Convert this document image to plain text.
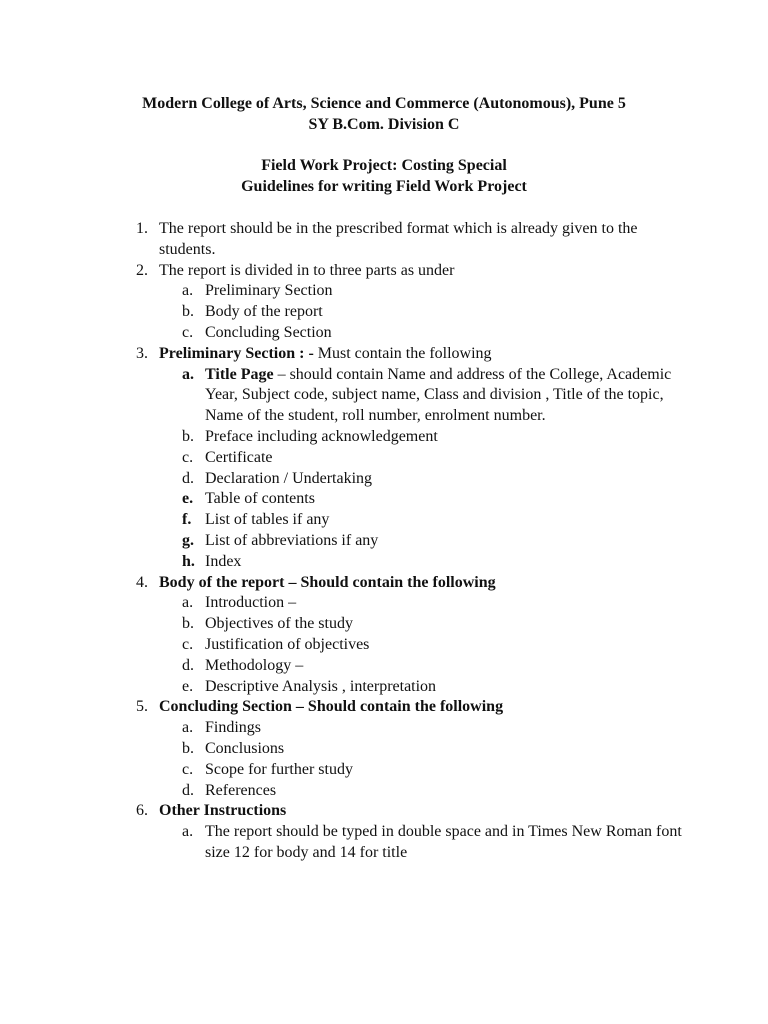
Modern College of Arts, Science and Commerce (Autonomous), Pune 5
SY B.Com. Division C
Field Work Project: Costing Special
Guidelines for writing Field Work Project
1. The report should be in the prescribed format which is already given to the students.
2. The report is divided in to three parts as under
a. Preliminary Section
b. Body of the report
c. Concluding Section
3. Preliminary Section : - Must contain the following
a. Title Page – should contain Name and address of the College, Academic Year, Subject code, subject name, Class and division , Title of the topic, Name of the student, roll number, enrolment number.
b. Preface including acknowledgement
c. Certificate
d. Declaration / Undertaking
e. Table of contents
f. List of tables if any
g. List of abbreviations if any
h. Index
4. Body of the report – Should contain the following
a. Introduction –
b. Objectives of the study
c. Justification of objectives
d. Methodology –
e. Descriptive Analysis , interpretation
5. Concluding Section – Should contain the following
a. Findings
b. Conclusions
c. Scope for further study
d. References
6. Other Instructions
a. The report should be typed in double space and in Times New Roman font size 12 for body and 14 for title
